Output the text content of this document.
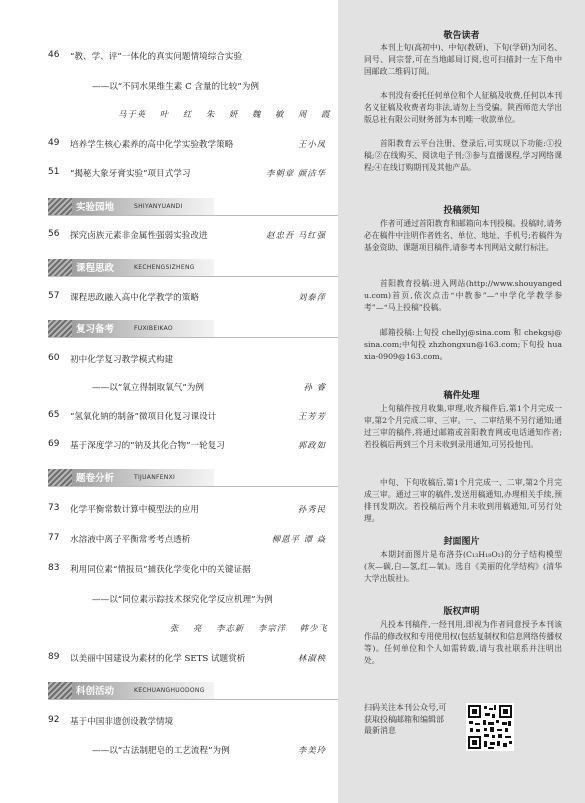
46 “教、学、评”一体化的真实问题情境综合实验
——以“不同水果维生素 C 含量的比较”为例
马于英 叶 红 朱 妍 魏 敏 周 霞
49 培养学生核心素养的高中化学实验教学策略	王小凤
51 “揭秘大象牙膏实验”项目式学习	李朝章 颜洁华
实验园地	SHIYANYUANDI
56 探究卤族元素非金属性强弱实验改进	赵忠吾 马红强
课程思政	KECHENGSIZHENG
57 课程思政融入高中化学教学的策略	刘泰萍
复习备考	FUXIBEIKAO
60 初中化学复习教学模式构建
——以“氧立得制取氧气”为例	孙 睿
65 “氢氧化钠的制备”微项目化复习课设计	王芳芳
69 基于深度学习的“钠及其化合物”一轮复习	郭政如
题卷分析	TIJUANFENXI
73 化学平衡常数计算中模型法的应用	孙秀民
77 水溶液中离子平衡常考考点透析	柳恩平 谭 焱
83 利用同位素“情报员”捕获化学变化中的关键证据
——以“同位素示踪技术探究化学反应机理”为例
张 亮 李志新 李宗洋 韩少飞
89 以美丽中国建设为素材的化学 SETS 试题赏析	林淑秧
科创活动	KECHUANGHUODONG
92 基于中国非遗创设教学情境
——以“古法制肥皂的工艺流程”为例	李美玲
敬告读者
本刊上旬(高初中)、中旬(教研)、下旬(学研)为同名、同号、同宗誉,可在当地邮局订阅,也可扫描封一左下角中国邮政二维码订阅。
本刊没有委托任何单位和个人征稿及收费,任何以本刊名义征稿及收费者均非法,请勿上当受骗。陕西师范大学出版总社有限公司财务部为本刊唯一收款单位。
首阳教育云平台注册、登录后,可实现以下功能:①投稿;②在线购买、阅读电子刊;③参与直播课程,学习网络课程;④在线订购期刊及其他产品。
投稿须知
作者可通过首阳教育和邮箱向本刊投稿。投稿时,请务必在稿件中注明作者姓名、单位、地址、手机号;若稿件为基金资助、课题项目稿件,请参考本刊网站文献行标注。
首阳教育投稿:进入网站(http://www.shouyangedu.com)首页,依次点击“中教参”—“中学化学教学参考”—“马上投稿”投稿。
邮箱投稿:上旬投 chellyj@sina.com 和 chekgsj@sina.com;中旬投 zhzhongxun@163.com;下旬投 huaxia-0909@163.com。
稿件处理
上旬稿件按月收集,审理,收齐稿件后,第1个月完成一审,第2个月完成二审、三审。一、二审结果不另行通知;通过三审的稿件,将通过邮箱或首阳教育网或电话通知作者;若投稿后两到三个月未收到录用通知,可另投他刊。
中旬、下旬收稿后,第1个月完成一、二审,第2个月完成三审。通过三审的稿件,发送用稿通知,办理相关手续,预排刊发期次。若投稿后两个月未收到用稿通知,可另行处理。
封面图片
本期封面图片是布洛芬(C₁₃H₁₈O₂)的分子结构模型(灰—碳,白—氢,红—氧)。选自《美丽的化学结构》(清华大学出版社)。
版权声明
凡投本刊稿件,一经刊用,即视为作者同意授予本刊该作品的修改权和专用使用权(包括复制权和信息网络传播权等)。任何单位和个人如需转载,请与我社联系并注明出处。
扫码关注本刊公众号,可获取投稿邮箱和编辑部最新消息
